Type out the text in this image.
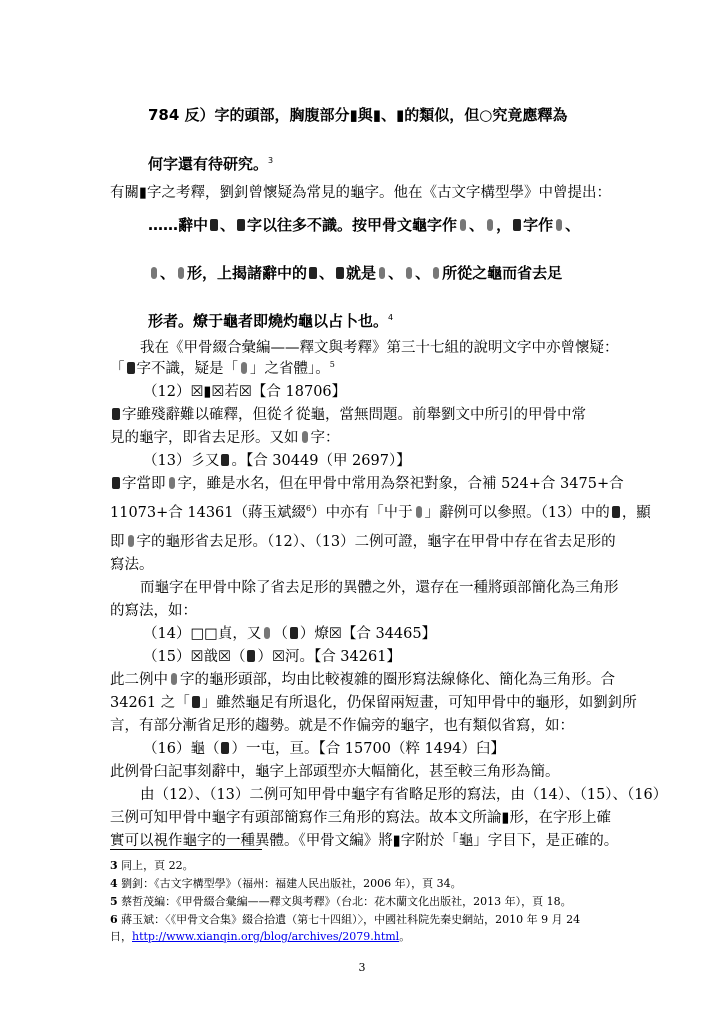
784 反）字的頭部，胸腹部分▮與▮、▮的類似，但○究竟應釋為
何字還有待研究。$^3$
有關▮字之考釋，劉釗曾懷疑為常見的龜字。他在《古文字構型學》中曾提出：
……辭中 、 字以往多不識。按甲骨文龜字作 、 ， 字作 、
、 形，上揭諸辭中的 、 就是 、 、 所從之龜而省去足
形者。燎于龜者即燒灼龜以占卜也。$^4$
我在《甲骨綴合彙編——釋文與考釋》第三十七組的說明文字中亦曾懷疑：
「 字不識，疑是「 」之省體」。$^5$
（12）☒▮☒若☒【合 18706】
字雖殘辭難以確釋，但從彳從龜，當無問題。前舉劉文中所引的甲骨中常
見的龜字，即省去足形。又如 字：
（13）彡又 。【合 30449（甲 2697）】
字當即 字，雖是水名，但在甲骨中常用為祭祀對象，合補 524+合 3475+合
11073+合 14361（蔣玉斌綴$^6$）中亦有「屮于 」辭例可以參照。（13）中的 ，顯
即 字的龜形省去足形。（12）、（13）二例可證，龜字在甲骨中存在省去足形的
寫法。
而龜字在甲骨中除了省去足形的異體之外，還存在一種將頭部簡化為三角形
的寫法，如：
（14）□□貞，又 （ ）燎☒【合 34465】
（15）☒戠☒（ ）☒河。【合 34261】
此二例中 字的龜形頭部，均由比較複雜的圈形寫法線條化、簡化為三角形。合
34261 之「 」雖然龜足有所退化，仍保留兩短畫，可知甲骨中的龜形，如劉釗所
言，有部分漸省足形的趨勢。就是不作偏旁的龜字，也有類似省寫，如：
（16）龜（ ）一屯，亘。【合 15700（粹 1494）臼】
此例骨臼記事刻辭中，龜字上部頭型亦大幅簡化，甚至較三角形為簡。
由（12）、（13）二例可知甲骨中龜字有省略足形的寫法，由（14）、（15）、（16）
三例可知甲骨中龜字有頭部簡寫作三角形的寫法。故本文所論▮形，在字形上確
實可以視作龜字的一種異體。《甲骨文編》將▮字附於「龜」字目下，是正確的。
3 同上，頁 22。
4 劉釗：《古文字構型學》（福州：福建人民出版社，2006 年），頁 34。
5 蔡哲茂編：《甲骨綴合彙編——釋文與考釋》（台北：花木蘭文化出版社，2013 年），頁 18。
6 蔣玉斌：〈《甲骨文合集》綴合拾遺（第七十四組）〉，中國社科院先秦史網站，2010 年 9 月 24
日，http://www.xianqin.org/blog/archives/2079.html。
3
